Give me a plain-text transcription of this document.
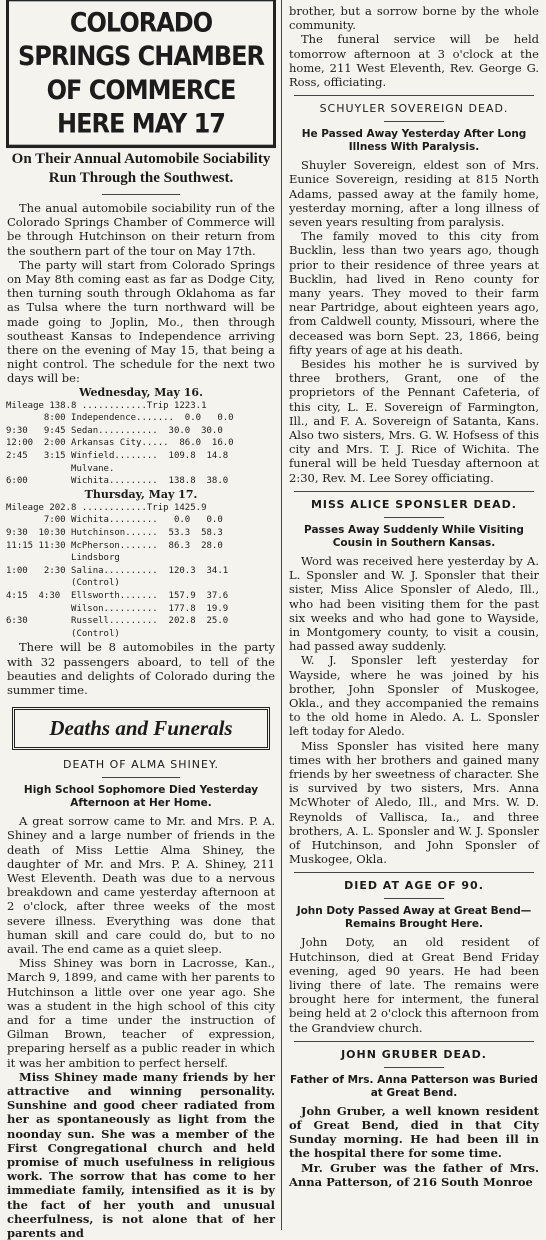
COLORADO SPRINGS CHAMBER OF COMMERCE HERE MAY 17
On Their Annual Automobile Sociability Run Through the Southwest.

The anual automobile sociability run of the Colorado Springs Chamber of Commerce will be through Hutchinson on their return from the southern part of the tour on May 17th.

The party will start from Colorado Springs on May 8th coming east as far as Dodge City, then turning south through Oklahoma as far as Tulsa where the turn northward will be made going to Joplin, Mo., then through southeast Kansas to Independence arriving there on the evening of May 15, that being a night control. The schedule for the next two days will be:

Wednesday, May 16.
Mileage 138.8 ............Trip 1223.1
8:00 Independence.......  0.0   0.0
9:30   9:45 Sedan...........  30.0  30.0
12:00  2:00 Arkansas City.....  86.0  16.0
2:45   3:15 Winfield........  109.8  14.8
Mulvane.
6:00        Wichita.........  138.8  38.0
Thursday, May 17.
Mileage 202.8 ............Trip 1425.9
7:00 Wichita.........   0.0   0.0
9:30  10:30 Hutchinson......  53.3  58.3
11:15 11:30 McPherson.......  86.3  28.0
Lindsborg
1:00   2:30 Salina..........  120.3  34.1
(Control)
4:15  4:30  Ellsworth.......  157.9  37.6
Wilson..........  177.8  19.9
6:30        Russell.........  202.8  25.0
(Control)

There will be 8 automobiles in the party with 32 passengers aboard, to tell of the beauties and delights of Colorado during the summer time.

Deaths and Funerals
DEATH OF ALMA SHINEY.
High School Sophomore Died Yesterday Afternoon at Her Home.

A great sorrow came to Mr. and Mrs. P. A. Shiney and a large number of friends in the death of Miss Lettie Alma Shiney, the daughter of Mr. and Mrs. P. A. Shiney, 211 West Eleventh. Death was due to a nervous breakdown and came yesterday afternoon at 2 o'clock, after three weeks of the most severe illness. Everything was done that human skill and care could do, but to no avail. The end came as a quiet sleep.

Miss Shiney was born in Lacrosse, Kan., March 9, 1899, and came with her parents to Hutchinson a little over one year ago. She was a student in the high school of this city and for a time under the instruction of Gilman Brown, teacher of expression, preparing herself as a public reader in which it was her ambition to perfect herself.

Miss Shiney made many friends by her attractive and winning personality. Sunshine and good cheer radiated from her as spontaneously as light from the noonday sun. She was a member of the First Congregational church and held promise of much usefulness in religious work. The sorrow that has come to her immediate family, intensified as it is by the fact of her youth and unusual cheerfulness, is not alone that of her parents and

brother, but a sorrow borne by the whole community.

The funeral service will be held tomorrow afternoon at 3 o'clock at the home, 211 West Eleventh, Rev. George G. Ross, officiating.

SCHUYLER SOVEREIGN DEAD.
He Passed Away Yesterday After Long Illness With Paralysis.

Shuyler Sovereign, eldest son of Mrs. Eunice Sovereign, residing at 815 North Adams, passed away at the family home, yesterday morning, after a long illness of seven years resulting from paralysis.

The family moved to this city from Bucklin, less than two years ago, though prior to their residence of three years at Bucklin, had lived in Reno county for many years. They moved to their farm near Partridge, about eighteen years ago, from Caldwell county, Missouri, where the deceased was born Sept. 23, 1866, being fifty years of age at his death.

Besides his mother he is survived by three brothers, Grant, one of the proprietors of the Pennant Cafeteria, of this city, L. E. Sovereign of Farmington, Ill., and F. A. Sovereign of Satanta, Kans. Also two sisters, Mrs. G. W. Hofsess of this city and Mrs. T. J. Rice of Wichita. The funeral will be held Tuesday afternoon at 2:30, Rev. M. Lee Sorey officiating.

MISS ALICE SPONSLER DEAD.
Passes Away Suddenly While Visiting Cousin in Southern Kansas.

Word was received here yesterday by A. L. Sponsler and W. J. Sponsler that their sister, Miss Alice Sponsler of Aledo, Ill., who had been visiting them for the past six weeks and who had gone to Wayside, in Montgomery county, to visit a cousin, had passed away suddenly.

W. J. Sponsler left yesterday for Wayside, where he was joined by his brother, John Sponsler of Muskogee, Okla., and they accompanied the remains to the old home in Aledo. A. L. Sponsler left today for Aledo.

Miss Sponsler has visited here many times with her brothers and gained many friends by her sweetness of character. She is survived by two sisters, Mrs. Anna McWhoter of Aledo, Ill., and Mrs. W. D. Reynolds of Vallisca, Ia., and three brothers, A. L. Sponsler and W. J. Sponsler of Hutchinson, and John Sponsler of Muskogee, Okla.

DIED AT AGE OF 90.
John Doty Passed Away at Great Bend—Remains Brought Here.

John Doty, an old resident of Hutchinson, died at Great Bend Friday evening, aged 90 years. He had been living there of late. The remains were brought here for interment, the funeral being held at 2 o'clock this afternoon from the Grandview church.

JOHN GRUBER DEAD.
Father of Mrs. Anna Patterson was Buried at Great Bend.

John Gruber, a well known resident of Great Bend, died in that City Sunday morning. He had been ill in the hospital there for some time.

Mr. Gruber was the father of Mrs. Anna Patterson, of 216 South Monroe
